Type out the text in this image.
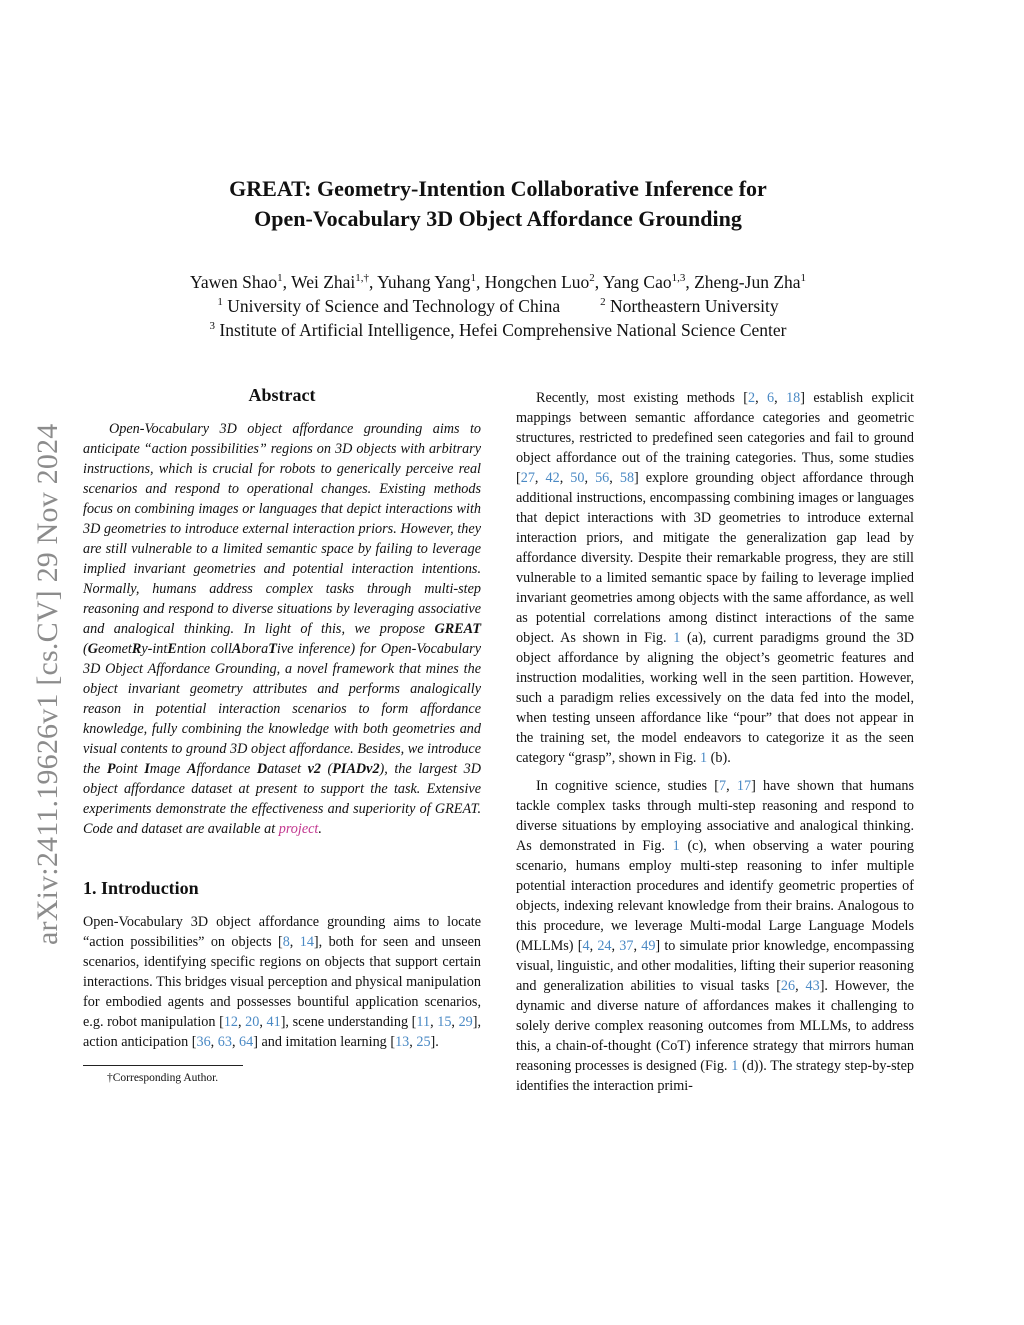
arXiv:2411.19626v1 [cs.CV] 29 Nov 2024
GREAT: Geometry-Intention Collaborative Inference for
Open-Vocabulary 3D Object Affordance Grounding
Yawen Shao$^1$, Wei Zhai$^{1,\dagger}$, Yuhang Yang$^1$, Hongchen Luo$^2$, Yang Cao$^{1,3}$, Zheng-Jun Zha$^1$
$^1$ University of Science and Technology of China	$^2$ Northeastern University
$^3$ Institute of Artificial Intelligence, Hefei Comprehensive National Science Center
Abstract

Open-Vocabulary 3D object affordance grounding aims to anticipate “action possibilities” regions on 3D objects with arbitrary instructions, which is crucial for robots to generically perceive real scenarios and respond to operational changes. Existing methods focus on combining images or languages that depict interactions with 3D geometries to introduce external interaction priors. However, they are still vulnerable to a limited semantic space by failing to leverage implied invariant geometries and potential interaction intentions. Normally, humans address complex tasks through multi-step reasoning and respond to diverse situations by leveraging associative and analogical thinking. In light of this, we propose GREAT (GeometRy-intEntion collAboraTive inference) for Open-Vocabulary 3D Object Affordance Grounding, a novel framework that mines the object invariant geometry attributes and performs analogically reason in potential interaction scenarios to form affordance knowledge, fully combining the knowledge with both geometries and visual contents to ground 3D object affordance. Besides, we introduce the Point Image Affordance Dataset v2 (PIADv2), the largest 3D object affordance dataset at present to support the task. Extensive experiments demonstrate the effectiveness and superiority of GREAT. Code and dataset are available at project.

1. Introduction

Open-Vocabulary 3D object affordance grounding aims to locate “action possibilities” on objects [8, 14], both for seen and unseen scenarios, identifying specific regions on objects that support certain interactions. This bridges visual perception and physical manipulation for embodied agents and possesses bountiful application scenarios, e.g. robot manipulation [12, 20, 41], scene understanding [11, 15, 29], action anticipation [36, 63, 64] and imitation learning [13, 25].

†Corresponding Author.

Recently, most existing methods [2, 6, 18] establish explicit mappings between semantic affordance categories and geometric structures, restricted to predefined seen categories and fail to ground object affordance out of the training categories. Thus, some studies [27, 42, 50, 56, 58] explore grounding object affordance through additional instructions, encompassing combining images or languages that depict interactions with 3D geometries to introduce external interaction priors, and mitigate the generalization gap lead by affordance diversity. Despite their remarkable progress, they are still vulnerable to a limited semantic space by failing to leverage implied invariant geometries among objects with the same affordance, as well as potential correlations among distinct interactions of the same object. As shown in Fig. 1 (a), current paradigms ground the 3D object affordance by aligning the object’s geometric features and instruction modalities, working well in the seen partition. However, such a paradigm relies excessively on the data fed into the model, when testing unseen affordance like “pour” that does not appear in the training set, the model endeavors to categorize it as the seen category “grasp”, shown in Fig. 1 (b).

In cognitive science, studies [7, 17] have shown that humans tackle complex tasks through multi-step reasoning and respond to diverse situations by employing associative and analogical thinking. As demonstrated in Fig. 1 (c), when observing a water pouring scenario, humans employ multi-step reasoning to infer multiple potential interaction procedures and identify geometric properties of objects, indexing relevant knowledge from their brains. Analogous to this procedure, we leverage Multi-modal Large Language Models (MLLMs) [4, 24, 37, 49] to simulate prior knowledge, encompassing visual, linguistic, and other modalities, lifting their superior reasoning and generalization abilities to visual tasks [26, 43]. However, the dynamic and diverse nature of affordances makes it challenging to solely derive complex reasoning outcomes from MLLMs, to address this, a chain-of-thought (CoT) inference strategy that mirrors human reasoning processes is designed (Fig. 1 (d)). The strategy step-by-step identifies the interaction primi-
